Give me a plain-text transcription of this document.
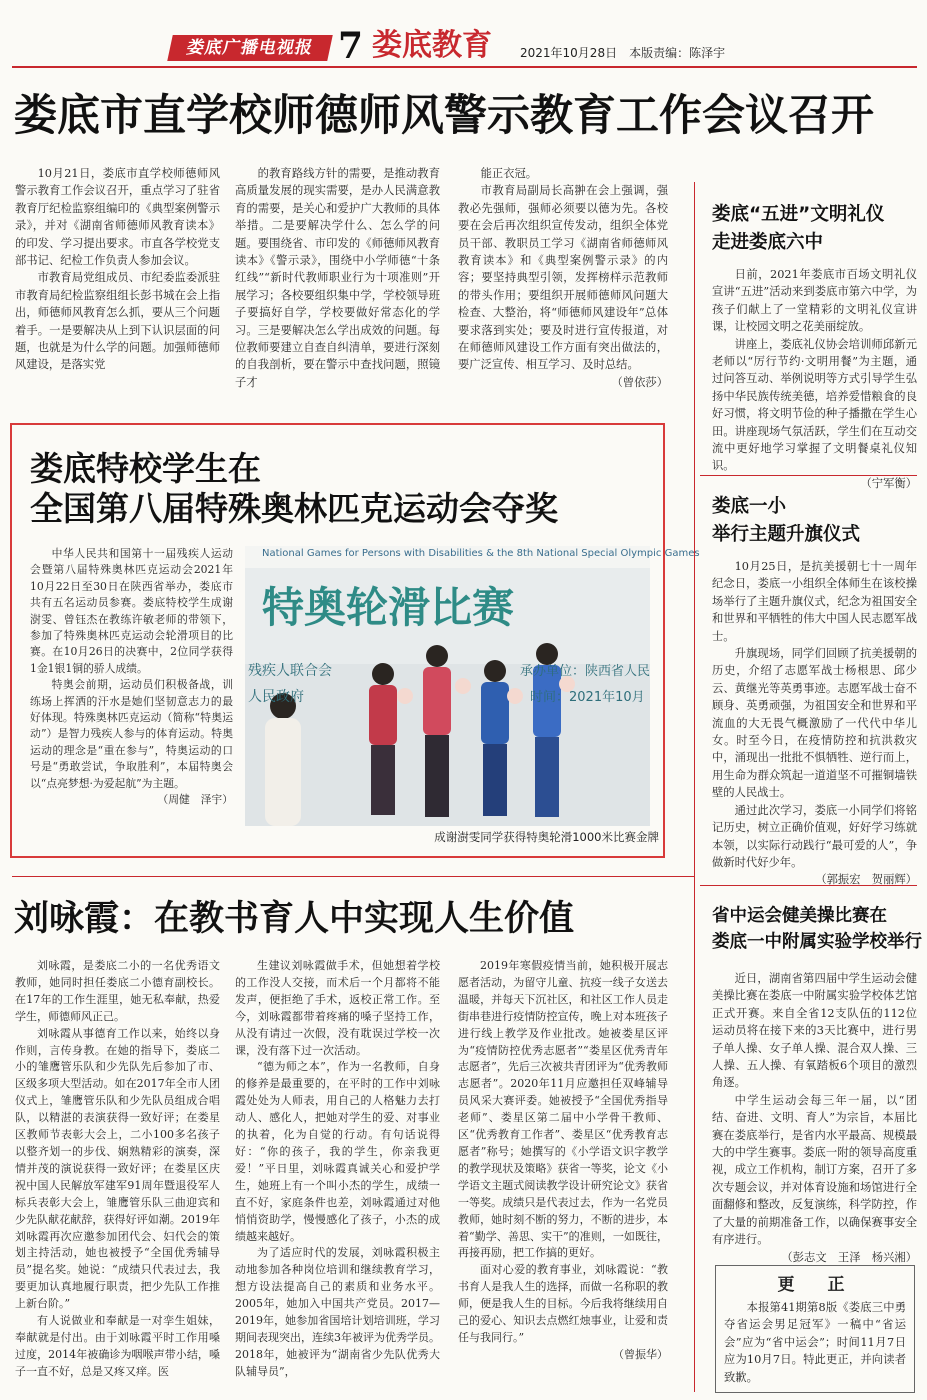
娄底广播电视报 7 娄底教育 2021年10月28日　本版责编：陈泽宇
娄底市直学校师德师风警示教育工作会议召开

10月21日，娄底市直学校师德师风警示教育工作会议召开，重点学习了驻省教育厅纪检监察组编印的《典型案例警示录》，并对《湖南省师德师风教育读本》的印发、学习提出要求。市直各学校党支部书记、纪检工作负责人参加会议。

市教育局党组成员、市纪委监委派驻市教育局纪检监察组组长彭书城在会上指出，师德师风教育怎么抓，要从三个问题着手。一是要解决从上到下认识层面的问题，也就是为什么学的问题。加强师德师风建设，是落实党

的教育路线方针的需要，是推动教育高质量发展的现实需要，是办人民满意教育的需要，是关心和爱护广大教师的具体举措。二是要解决学什么、怎么学的问题。要围绕省、市印发的《师德师风教育读本》《警示录》，围绕中小学师德“十条红线”“新时代教师职业行为十项准则”开展学习；各校要组织集中学，学校领导班子要搞好自学，学校要做好常态化的学习。三是要解决怎么学出成效的问题。每位教师要建立自查自纠清单，要进行深刻的自我剖析，要在警示中查找问题，照镜子才

能正衣冠。

市教育局副局长高翀在会上强调，强教必先强师，强师必须要以德为先。各校要在会后再次组织宣传发动，组织全体党员干部、教职员工学习《湖南省师德师风教育读本》和《典型案例警示录》的内容；要坚持典型引领，发挥榜样示范教师的带头作用；要组织开展师德师风问题大检查、大整治，将“师德师风建设年”总体要求落到实处；要及时进行宣传报道，对在师德师风建设工作方面有突出做法的，要广泛宣传、相互学习、及时总结。

（曾依莎）

娄底特校学生在
全国第八届特殊奥林匹克运动会夺奖

中华人民共和国第十一届残疾人运动会暨第八届特殊奥林匹克运动会2021年10月22日至30日在陕西省举办，娄底市共有五名运动员参赛。娄底特校学生成谢澍雯、曾钰杰在教练许敏老师的带领下，参加了特殊奥林匹克运动会轮滑项目的比赛。在10月26日的决赛中，2位同学获得1金1银1铜的骄人成绩。

特奥会前期，运动员们积极备战，训练场上挥洒的汗水是她们坚韧意志力的最好体现。特殊奥林匹克运动（简称“特奥运动”）是智力残疾人参与的体育运动。特奥运动的理念是“重在参与”，特奥运动的口号是“勇敢尝试，争取胜利”，本届特奥会以“点亮梦想·为爱起航”为主题。

（周健　泽宇）

National Games for Persons with Disabilities & the 8th National Special Olympic Games
特奥轮滑比赛
残疾人联合会
人民政府
承办单位：陕西省人民
时间：2021年10月
成谢澍雯同学获得特奥轮滑1000米比赛金牌
刘咏霞：在教书育人中实现人生价值

刘咏霞，是娄底二小的一名优秀语文教师，她同时担任娄底二小德育副校长。在17年的工作生涯里，她无私奉献，热爱学生，师德师风正己。

刘咏霞从事德育工作以来，始终以身作则，言传身教。在她的指导下，娄底二小的雏鹰管乐队和少先队先后参加了市、区级多项大型活动。如在2017年全市人团仪式上，雏鹰管乐队和少先队员组成合唱队，以精湛的表演获得一致好评；在娄星区教师节表彰大会上，二小100多名孩子以整齐划一的步伐、娴熟精彩的演奏，深情并茂的演说获得一致好评；在娄星区庆祝中国人民解放军建军91周年暨退役军人标兵表彰大会上，雏鹰管乐队三曲迎宾和少先队献花献辞，获得好评如潮。2019年刘咏霞再次应邀参加团代会、妇代会的策划主持活动，她也被授予“全国优秀辅导员”提名奖。她说：“成绩只代表过去，我要更加认真地履行职责，把少先队工作推上新台阶。”

有人说做业和奉献是一对孪生姐妹，奉献就是付出。由于刘咏霞平时工作用嗓过度，2014年被确诊为咽喉声带小结，嗓子一直不好，总是又疼又痒。医

生建议刘咏霞做手术，但她想着学校的工作没人交接，而术后一个月都将不能发声，便拒绝了手术，返校正常工作。至今，刘咏霞都带着疼痛的嗓子坚持工作，从没有请过一次假，没有耽误过学校一次课，没有落下过一次活动。

“德为师之本”，作为一名教师，自身的修养是最重要的，在平时的工作中刘咏霞处处为人师表，用自己的人格魅力去打动人、感化人，把她对学生的爱、对事业的执着，化为自觉的行动。有句话说得好：“你的孩子，我的学生，你亲我更爱！”平日里，刘咏霞真诚关心和爱护学生，她班上有一个叫小杰的学生，成绩一直不好，家庭条件也差，刘咏霞通过对他悄悄资助学，慢慢感化了孩子，小杰的成绩越来越好。

为了适应时代的发展，刘咏霞积极主动地参加各种岗位培训和继续教育学习，想方设法提高自己的素质和业务水平。2005年，她加入中国共产党员。2017—2019年，她参加省国培计划培训班，学习期间表现突出，连续3年被评为优秀学员。2018年，她被评为“湖南省少先队优秀大队辅导员”，

2019年寒假疫情当前，她积极开展志愿者活动，为留守儿童、抗疫一线子女送去温暖，并每天下沉社区，和社区工作人员走街串巷进行疫情防控宣传，晚上对本班孩子进行线上教学及作业批改。她被娄星区评为“疫情防控优秀志愿者”“娄星区优秀青年志愿者”，先后三次被共青团评为“优秀教师志愿者”。2020年11月应邀担任双峰辅导员风采大赛评委。她被授予“全国优秀指导老师”、娄星区第二届中小学骨干教师、区“优秀教育工作者”、娄星区“优秀教育志愿者”称号；她撰写的《小学语文识字教学的教学现状及策略》获省一等奖，论文《小学语文主题式阅读教学设计研究论文》获省一等奖。成绩只是代表过去，作为一名党员教师，她时刻不断的努力，不断的进步，本着“勤学、善思、实干”的准则，一如既往，再接再励，把工作搞的更好。

面对心爱的教育事业，刘咏霞说：“教书育人是我人生的选择，而做一名称职的教师，便是我人生的目标。今后我将继续用自己的爱心、知识去点燃红烛事业，让爱和责任与我同行。”

（曾振华）

娄底“五进”文明礼仪
走进娄底六中

日前，2021年娄底市百场文明礼仪宣讲“五进”活动来到娄底市第六中学，为孩子们献上了一堂精彩的文明礼仪宣讲课，让校园文明之花美丽绽放。

讲座上，娄底礼仪协会培训师邱新元老师以“厉行节约·文明用餐”为主题，通过问答互动、举例说明等方式引导学生弘扬中华民族传统美德，培养爱惜粮食的良好习惯，将文明节俭的种子播撒在学生心田。讲座现场气氛活跃，学生们在互动交流中更好地学习掌握了文明餐桌礼仪知识。

（宁军衡）

娄底一小
举行主题升旗仪式

10月25日，是抗美援朝七十一周年纪念日，娄底一小组织全体师生在该校操场举行了主题升旗仪式，纪念为祖国安全和世界和平牺牲的伟大中国人民志愿军战士。

升旗现场，同学们回顾了抗美援朝的历史，介绍了志愿军战士杨根思、邱少云、黄继光等英勇事迹。志愿军战士奋不顾身、英勇顽强，为祖国安全和世界和平流血的大无畏气概激励了一代代中华儿女。时至今日，在疫情防控和抗洪救灾中，涌现出一批批不惧牺牲、逆行而上，用生命为群众筑起一道道坚不可摧铜墙铁壁的人民战士。

通过此次学习，娄底一小同学们将铭记历史，树立正确价值观，好好学习练就本领，以实际行动践行“最可爱的人”，争做新时代好少年。

（郭振宏　贺丽辉）

省中运会健美操比赛在
娄底一中附属实验学校举行

近日，湖南省第四届中学生运动会健美操比赛在娄底一中附属实验学校体艺馆正式开赛。来自全省12支队伍的112位运动员将在接下来的3天比赛中，进行男子单人操、女子单人操、混合双人操、三人操、五人操、有氧踏板6个项目的激烈角逐。

中学生运动会每三年一届，以“团结、奋进、文明、育人”为宗旨，本届比赛在娄底举行，是省内水平最高、规模最大的中学生赛事。娄底一附的领导高度重视，成立工作机构，制订方案，召开了多次专题会议，并对体育设施和场馆进行全面翻修和整改，反复演练，科学防控，作了大量的前期准备工作，以确保赛事安全有序进行。

（彭志文　王泽　杨兴湘）

更　正

本报第41期第8版《娄底三中勇夺省运会男足冠军》一稿中“省运会”应为“省中运会”；时间11月7日应为10月7日。特此更正，并向读者致歉。
